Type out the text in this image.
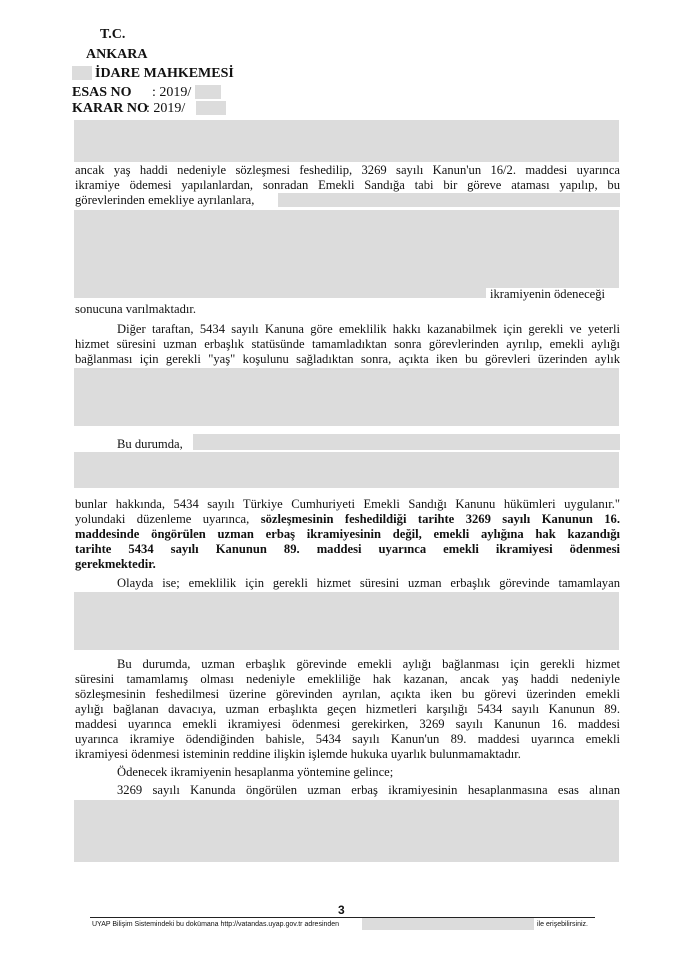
T.C.
ANKARA
İDARE MAHKEMESİ
ESAS NO : 2019/
KARAR NO
: 2019/
ancak yaş haddi nedeniyle sözleşmesi feshedilip, 3269 sayılı Kanun'un 16/2. maddesi uyarınca
ikramiye ödemesi yapılanlardan, sonradan Emekli Sandığa tabi bir göreve ataması yapılıp, bu
görevlerinden emekliye ayrılanlara,
ikramiyenin ödeneceği
sonucuna varılmaktadır.
Diğer taraftan, 5434 sayılı Kanuna göre emeklilik hakkı kazanabilmek için gerekli ve yeterli
hizmet süresini uzman erbaşlık statüsünde tamamladıktan sonra görevlerinden ayrılıp, emekli aylığı
bağlanması için gerekli "yaş" koşulunu sağladıktan sonra, açıkta iken bu görevleri üzerinden aylık
Bu durumda,
bunlar hakkında, 5434 sayılı Türkiye Cumhuriyeti Emekli Sandığı Kanunu hükümleri uygulanır."
yolundaki düzenleme uyarınca, sözleşmesinin feshedildiği tarihte 3269 sayılı Kanunun 16.
maddesinde öngörülen uzman erbaş ikramiyesinin değil, emekli aylığına hak kazandığı
tarihte 5434 sayılı Kanunun 89. maddesi uyarınca emekli ikramiyesi ödenmesi
gerekmektedir.
Olayda ise; emeklilik için gerekli hizmet süresini uzman erbaşlık görevinde tamamlayan
Bu durumda, uzman erbaşlık görevinde emekli aylığı bağlanması için gerekli hizmet
süresini tamamlamış olması nedeniyle emekliliğe hak kazanan, ancak yaş haddi nedeniyle
sözleşmesinin feshedilmesi üzerine görevinden ayrılan, açıkta iken bu görevi üzerinden emekli
aylığı bağlanan davacıya, uzman erbaşlıkta geçen hizmetleri karşılığı 5434 sayılı Kanunun 89.
maddesi uyarınca emekli ikramiyesi ödenmesi gerekirken, 3269 sayılı Kanunun 16. maddesi
uyarınca ikramiye ödendiğinden bahisle, 5434 sayılı Kanun'un 89. maddesi uyarınca emekli
ikramiyesi ödenmesi isteminin reddine ilişkin işlemde hukuka uyarlık bulunmamaktadır.
Ödenecek ikramiyenin hesaplanma yöntemine gelince;
3269 sayılı Kanunda öngörülen uzman erbaş ikramiyesinin hesaplanmasına esas alınan
3
UYAP Bilişim Sistemindeki bu dokümana http://vatandas.uyap.gov.tr adresinden	ile erişebilirsiniz.
